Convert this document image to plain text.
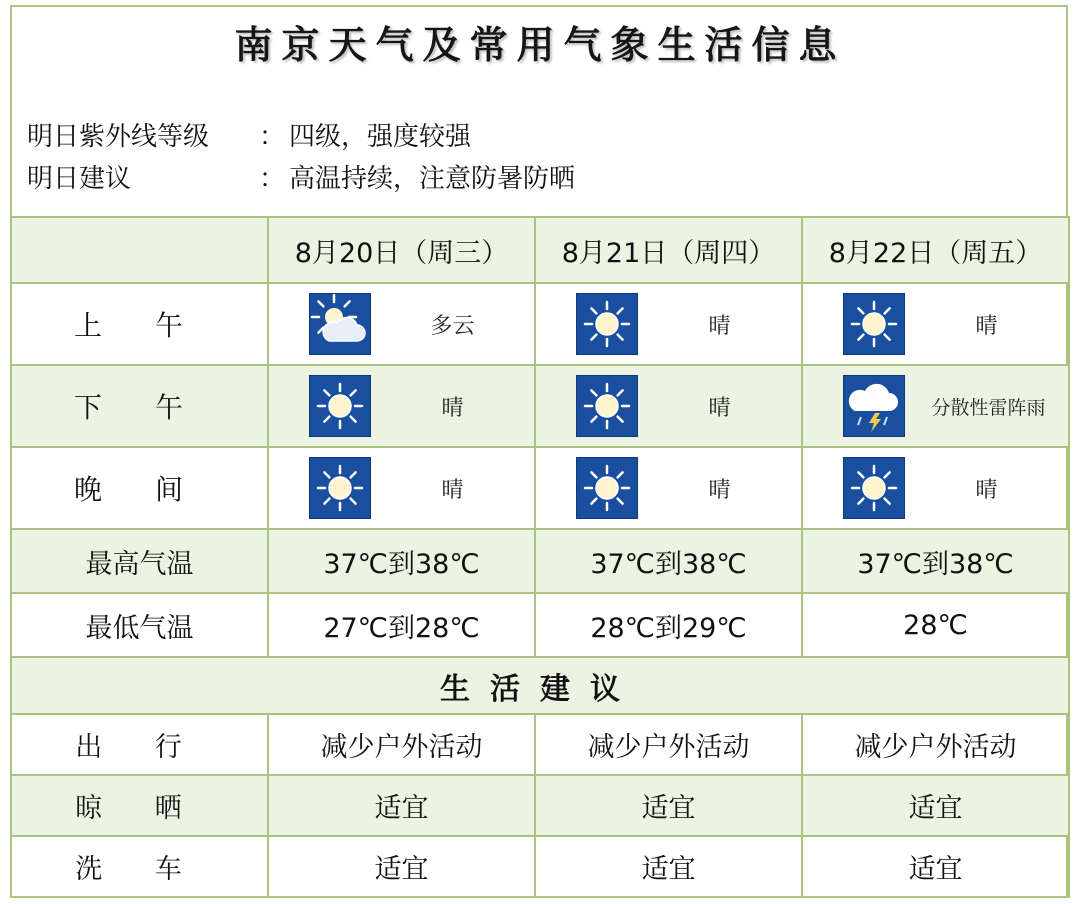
南京天气及常用气象生活信息
明日紫外线等级 ： 四级，强度较强
明日建议	： 高温持续，注意防暑防晒
	8月20日（周三）	8月21日（周四）	8月22日（周五）
上 午	多云	晴	晴

下 午	晴	晴	分散性雷阵雨

晚 间	晴	晴	晴

最高气温	37℃到38℃	37℃到38℃	37℃到38℃
最低气温	27℃到28℃	28℃到29℃	28℃
生活建议			
出 行	减少户外活动	减少户外活动	减少户外活动
晾 晒	适宜	适宜	适宜
洗 车	适宜	适宜	适宜
